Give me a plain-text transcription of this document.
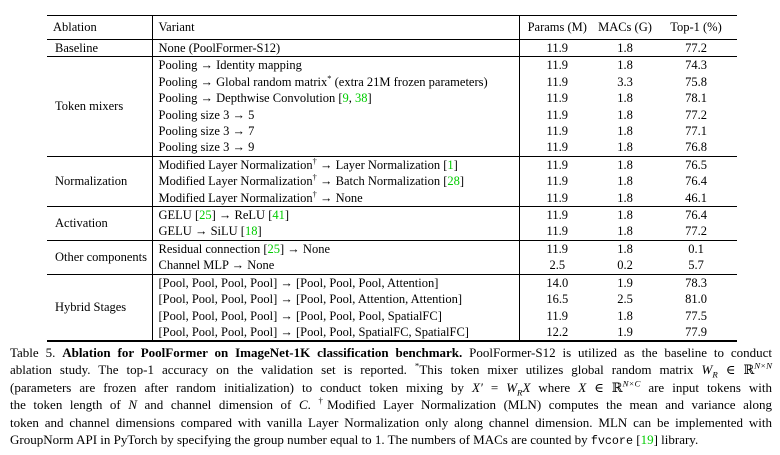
Ablation	Variant	Params (M)	MACs (G)	Top-1 (%)
Baseline	None (PoolFormer-S12)	11.9	1.8	77.2
Token mixers	Pooling → Identity mapping	11.9	1.8	74.3
	Pooling → Global random matrix* (extra 21M frozen parameters)	11.9	3.3	75.8
	Pooling → Depthwise Convolution [9, 38]	11.9	1.8	78.1
	Pooling size 3 → 5	11.9	1.8	77.2
	Pooling size 3 → 7	11.9	1.8	77.1
	Pooling size 3 → 9	11.9	1.8	76.8
Normalization	Modified Layer Normalization† → Layer Normalization [1]	11.9	1.8	76.5
	Modified Layer Normalization† → Batch Normalization [28]	11.9	1.8	76.4
	Modified Layer Normalization† → None	11.9	1.8	46.1
Activation	GELU [25] → ReLU [41]	11.9	1.8	76.4
	GELU → SiLU [18]	11.9	1.8	77.2
Other components	Residual connection [25] → None	11.9	1.8	0.1
	Channel MLP → None	2.5	0.2	5.7
Hybrid Stages	[Pool, Pool, Pool, Pool] → [Pool, Pool, Pool, Attention]	14.0	1.9	78.3
	[Pool, Pool, Pool, Pool] → [Pool, Pool, Attention, Attention]	16.5	2.5	81.0
	[Pool, Pool, Pool, Pool] → [Pool, Pool, Pool, SpatialFC]	11.9	1.8	77.5
	[Pool, Pool, Pool, Pool] → [Pool, Pool, SpatialFC, SpatialFC]	12.2	1.9	77.9
Table 5. Ablation for PoolFormer on ImageNet-1K classification benchmark. PoolFormer-S12 is utilized as the baseline to conduct
ablation study. The top-1 accuracy on the validation set is reported. *This token mixer utilizes global random matrix $W_R$ ∈ ℝ$^{N\times N}$
(parameters are frozen after random initialization) to conduct token mixing by $X' = W_RX$ where X ∈ ℝ$^{N\times C}$ are input tokens with
the token length of N and channel dimension of C. †Modified Layer Normalization (MLN) computes the mean and variance along
token and channel dimensions compared with vanilla Layer Normalization only along channel dimension. MLN can be implemented with
GroupNorm API in PyTorch by specifying the group number equal to 1. The numbers of MACs are counted by fvcore [19] library.
